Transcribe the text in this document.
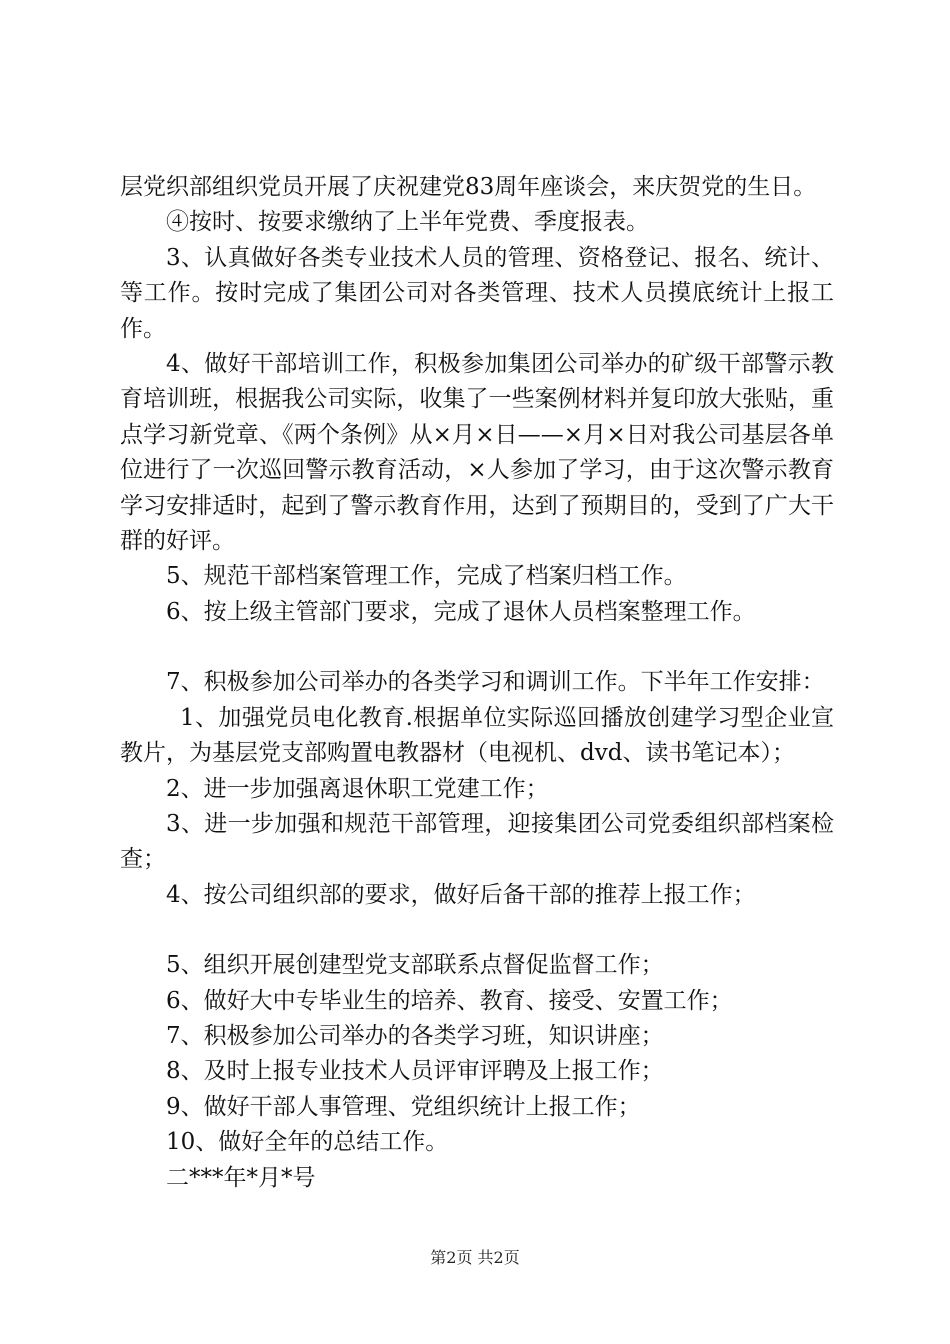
层党织部组织党员开展了庆祝建党83周年座谈会，来庆贺党的生日。

④按时、按要求缴纳了上半年党费、季度报表。

3、认真做好各类专业技术人员的管理、资格登记、报名、统计、等工作。按时完成了集团公司对各类管理、技术人员摸底统计上报工作。

4、做好干部培训工作，积极参加集团公司举办的矿级干部警示教育培训班，根据我公司实际，收集了一些案例材料并复印放大张贴，重点学习新党章、《两个条例》从×月×日——×月×日对我公司基层各单位进行了一次巡回警示教育活动，×人参加了学习，由于这次警示教育学习安排适时，起到了警示教育作用，达到了预期目的，受到了广大干群的好评。

5、规范干部档案管理工作，完成了档案归档工作。

6、按上级主管部门要求，完成了退休人员档案整理工作。

7、积极参加公司举办的各类学习和调训工作。下半年工作安排：

1、加强党员电化教育.根据单位实际巡回播放创建学习型企业宣教片，为基层党支部购置电教器材（电视机、dvd、读书笔记本）；

2、进一步加强离退休职工党建工作；

3、进一步加强和规范干部管理，迎接集团公司党委组织部档案检查；

4、按公司组织部的要求，做好后备干部的推荐上报工作；

5、组织开展创建型党支部联系点督促监督工作；

6、做好大中专毕业生的培养、教育、接受、安置工作；

7、积极参加公司举办的各类学习班，知识讲座；

8、及时上报专业技术人员评审评聘及上报工作；

9、做好干部人事管理、党组织统计上报工作；

10、做好全年的总结工作。

二***年*月*号

第2页 共2页
